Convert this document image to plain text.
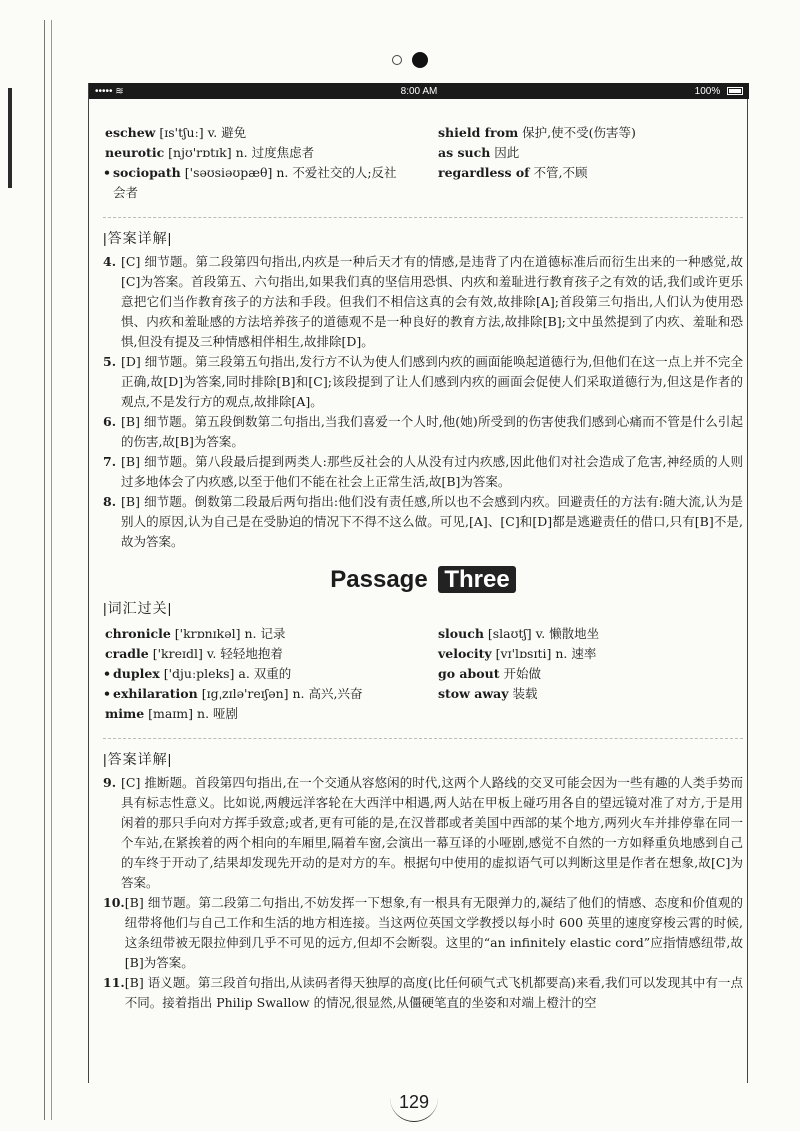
••••• ≋	8:00 AM	100%
eschew [ɪs'tʃuː] v. 避免
neurotic [njʊ'rɒtɪk] n. 过度焦虑者
• sociopath ['səʊsiəʊpæθ] n. 不爱社交的人;反社
会者
shield from 保护,使不受(伤害等)
as such 因此
regardless of 不管,不顾
|答案详解|
4. [C] 细节题。第二段第四句指出,内疚是一种后天才有的情感,是违背了内在道德标准后而衍生出来的一种感觉,故[C]为答案。首段第五、六句指出,如果我们真的坚信用恐惧、内疚和羞耻进行教育孩子之有效的话,我们或许更乐意把它们当作教育孩子的方法和手段。但我们不相信这真的会有效,故排除[A];首段第三句指出,人们认为使用恐惧、内疚和羞耻感的方法培养孩子的道德观不是一种良好的教育方法,故排除[B];文中虽然提到了内疚、羞耻和恐惧,但没有提及三种情感相伴相生,故排除[D]。
5. [D] 细节题。第三段第五句指出,发行方不认为使人们感到内疚的画面能唤起道德行为,但他们在这一点上并不完全正确,故[D]为答案,同时排除[B]和[C];该段提到了让人们感到内疚的画面会促使人们采取道德行为,但这是作者的观点,不是发行方的观点,故排除[A]。
6. [B] 细节题。第五段倒数第二句指出,当我们喜爱一个人时,他(她)所受到的伤害使我们感到心痛而不管是什么引起的伤害,故[B]为答案。
7. [B] 细节题。第八段最后提到两类人:那些反社会的人从没有过内疚感,因此他们对社会造成了危害,神经质的人则过多地体会了内疚感,以至于他们不能在社会上正常生活,故[B]为答案。
8. [B] 细节题。倒数第二段最后两句指出:他们没有责任感,所以也不会感到内疚。回避责任的方法有:随大流,认为是别人的原因,认为自己是在受胁迫的情况下不得不这么做。可见,[A]、[C]和[D]都是逃避责任的借口,只有[B]不是,故为答案。
Passage Three
|词汇过关|
chronicle ['krɒnɪkəl] n. 记录
cradle ['kreɪdl] v. 轻轻地抱着
• duplex ['djuːpleks] a. 双重的
• exhilaration [ɪgˌzɪlə'reɪʃən] n. 高兴,兴奋
mime [maɪm] n. 哑剧
slouch [slaʊtʃ] v. 懒散地坐
velocity [vɪ'lɒsɪti] n. 速率
go about 开始做
stow away 装载
|答案详解|
9. [C] 推断题。首段第四句指出,在一个交通从容悠闲的时代,这两个人路线的交叉可能会因为一些有趣的人类手势而具有标志性意义。比如说,两艘远洋客轮在大西洋中相遇,两人站在甲板上碰巧用各自的望远镜对准了对方,于是用闲着的那只手向对方挥手致意;或者,更有可能的是,在汉普郡或者美国中西部的某个地方,两列火车并排停靠在同一个车站,在紧挨着的两个相向的车厢里,隔着车窗,会演出一幕互译的小哑剧,感觉不自然的一方如释重负地感到自己的车终于开动了,结果却发现先开动的是对方的车。根据句中使用的虚拟语气可以判断这里是作者在想象,故[C]为答案。
10. [B] 细节题。第二段第二句指出,不妨发挥一下想象,有一根具有无限弹力的,凝结了他们的情感、态度和价值观的纽带将他们与自己工作和生活的地方相连接。当这两位英国文学教授以每小时 600 英里的速度穿梭云霄的时候,这条纽带被无限拉伸到几乎不可见的远方,但却不会断裂。这里的“an infinitely elastic cord”应指情感纽带,故[B]为答案。
11. [B] 语义题。第三段首句指出,从读码者得天独厚的高度(比任何硕气式飞机都要高)来看,我们可以发现其中有一点不同。接着指出 Philip Swallow 的情况,很显然,从僵硬笔直的坐姿和对端上橙汁的空
129
